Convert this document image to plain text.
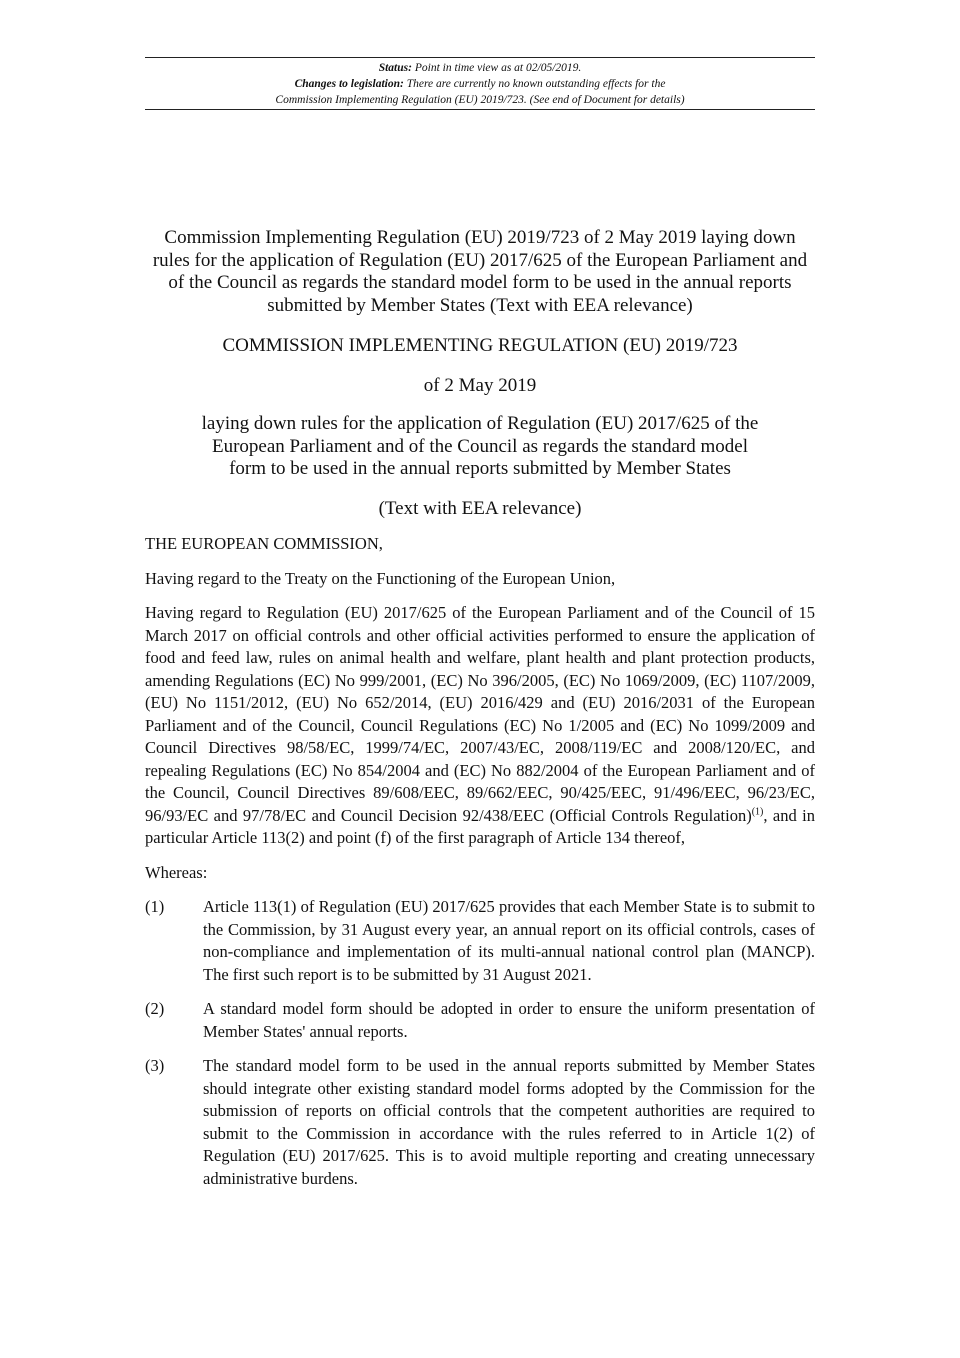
Status: Point in time view as at 02/05/2019.
Changes to legislation: There are currently no known outstanding effects for the
Commission Implementing Regulation (EU) 2019/723. (See end of Document for details)

Commission Implementing Regulation (EU) 2019/723 of 2 May 2019 laying down rules for the application of Regulation (EU) 2017/625 of the European Parliament and of the Council as regards the standard model form to be used in the annual reports submitted by Member States (Text with EEA relevance)

COMMISSION IMPLEMENTING REGULATION (EU) 2019/723

of 2 May 2019

laying down rules for the application of Regulation (EU) 2017/625 of the European Parliament and of the Council as regards the standard model form to be used in the annual reports submitted by Member States

(Text with EEA relevance)

THE EUROPEAN COMMISSION,

Having regard to the Treaty on the Functioning of the European Union,

Having regard to Regulation (EU) 2017/625 of the European Parliament and of the Council of 15 March 2017 on official controls and other official activities performed to ensure the application of food and feed law, rules on animal health and welfare, plant health and plant protection products, amending Regulations (EC) No 999/2001, (EC) No 396/2005, (EC) No 1069/2009, (EC) 1107/2009, (EU) No 1151/2012, (EU) No 652/2014, (EU) 2016/429 and (EU) 2016/2031 of the European Parliament and of the Council, Council Regulations (EC) No 1/2005 and (EC) No 1099/2009 and Council Directives 98/58/EC, 1999/74/EC, 2007/43/EC, 2008/119/EC and 2008/120/EC, and repealing Regulations (EC) No 854/2004 and (EC) No 882/2004 of the European Parliament and of the Council, Council Directives 89/608/EEC, 89/662/EEC, 90/425/EEC, 91/496/EEC, 96/23/EC, 96/93/EC and 97/78/EC and Council Decision 92/438/EEC (Official Controls Regulation)$^{(1)}$, and in particular Article 113(2) and point (f) of the first paragraph of Article 134 thereof,

Whereas:

(1)	Article 113(1) of Regulation (EU) 2017/625 provides that each Member State is to submit to the Commission, by 31 August every year, an annual report on its official controls, cases of non-compliance and implementation of its multi-annual national control plan (MANCP). The first such report is to be submitted by 31 August 2021.
(2)	A standard model form should be adopted in order to ensure the uniform presentation of Member States' annual reports.
(3)	The standard model form to be used in the annual reports submitted by Member States should integrate other existing standard model forms adopted by the Commission for the submission of reports on official controls that the competent authorities are required to submit to the Commission in accordance with the rules referred to in Article 1(2) of Regulation (EU) 2017/625. This is to avoid multiple reporting and creating unnecessary administrative burdens.
